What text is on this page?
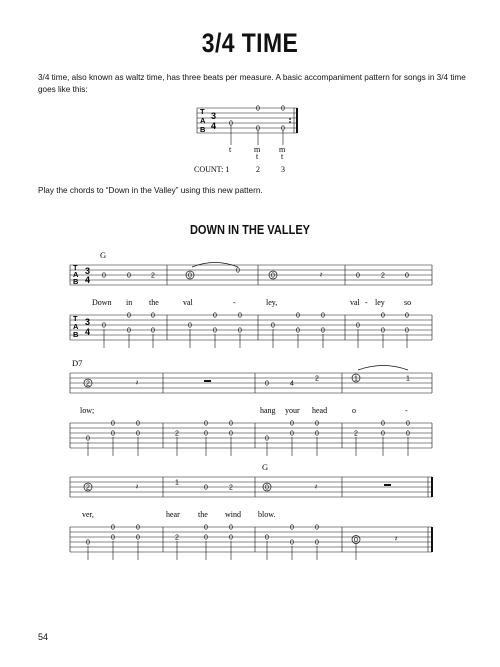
3/4 TIME
3/4 time, also known as waltz time, has three beats per measure. A basic accompaniment pattern for songs in 3/4 time goes like this:
T
A
B
3
4
0	0
0
0	0
t	m m
t	t
COUNT: 1	2	3
Play the chords to “Down in the Valley” using this new pattern.
DOWN IN THE VALLEY
G
T
A
B
3
4
T
A
B
3
4
0	0	2	0
0
0	𝄽	0	2	0
Down in the	val	-	ley,	val - ley so
0	0
0
0	0
0	0
0
0	0
0	0
0
0	0
0	0
0
0	0
D7
2	𝄽	0	4
2	1	1
low;	hang your head	o	-
0	0
0
0	0
0	0
2	0	0
0	0
0
0	0
0	0
2	0	0
G
2	𝄽
1
0	2	0	𝄽
ver,	hear the wind blow.
0	0
0
0	0
0	0
2	0	0
0	0
0
0	0	0	𝄽
54
